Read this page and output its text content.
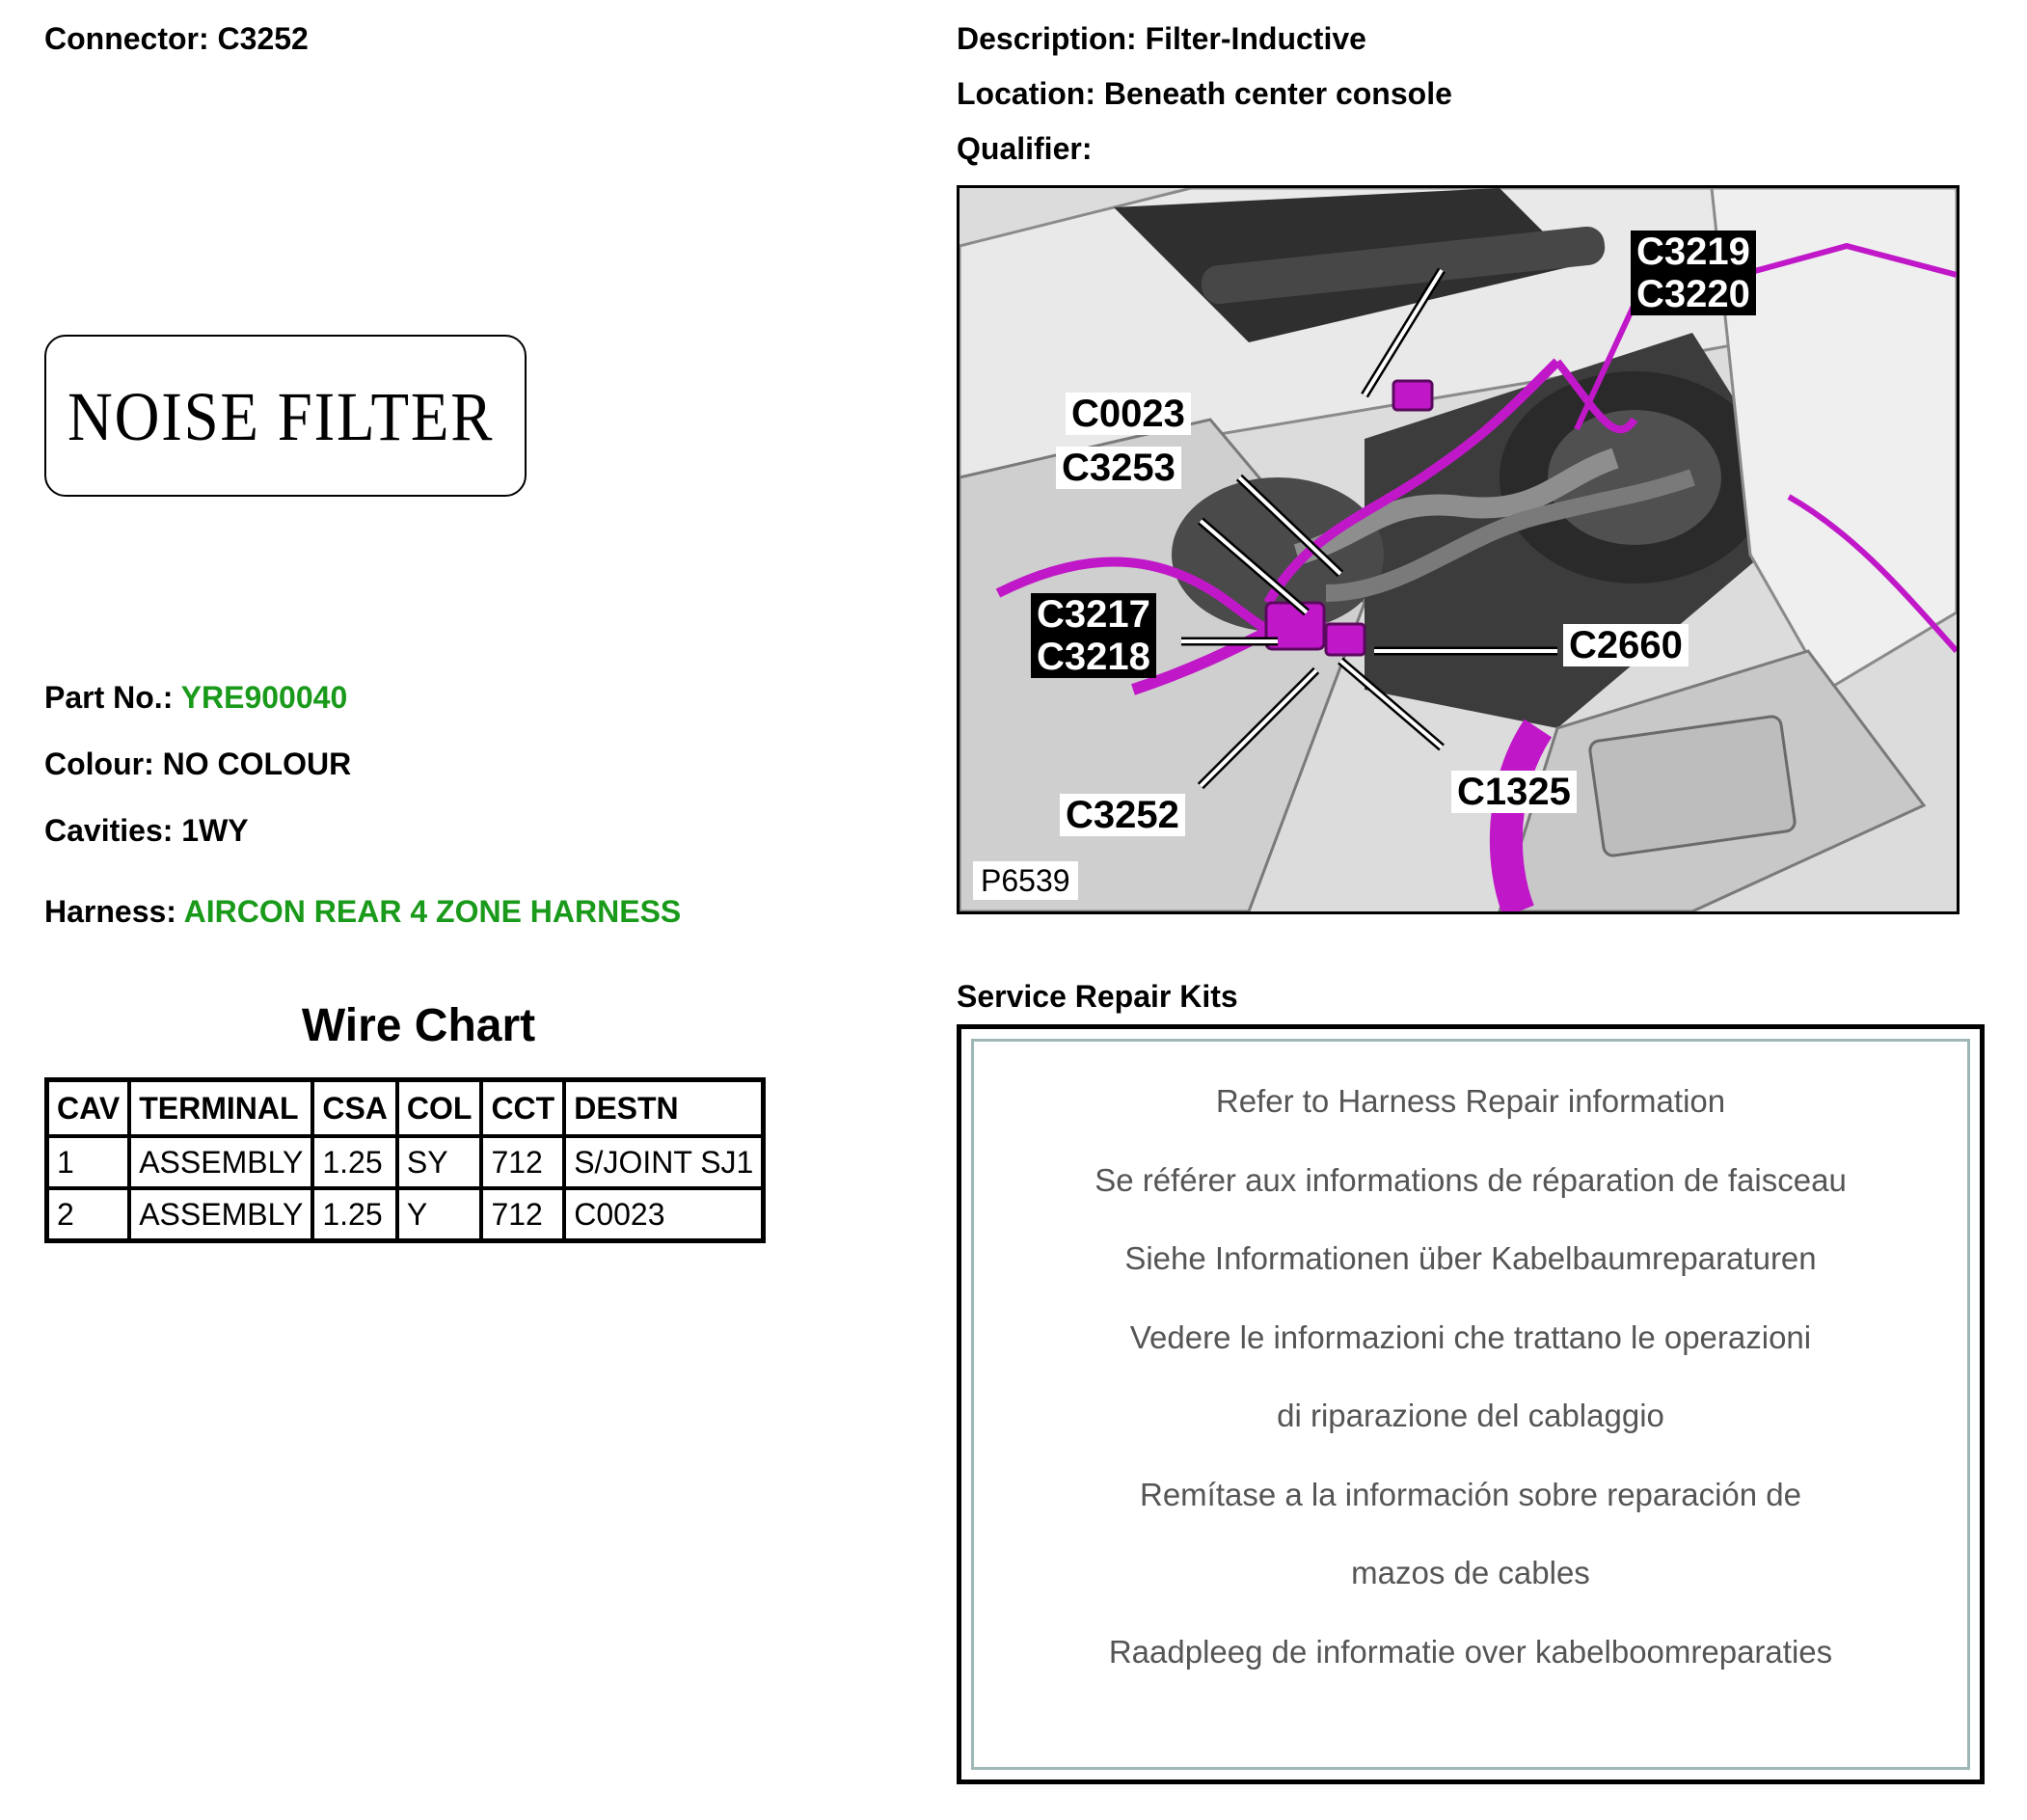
Connector: C3252
NOISE FILTER
Part No.: YRE900040
Colour: NO COLOUR
Cavities: 1WY
Harness: AIRCON REAR 4 ZONE HARNESS
Wire Chart
CAV	TERMINAL	CSA	COL	CCT	DESTN
1	ASSEMBLY	1.25	SY	712	S/JOINT SJ1
2	ASSEMBLY	1.25	Y	712	C0023
Description: Filter-Inductive
Location: Beneath center console
Qualifier:
C3219
C3220
C0023
C3253
C3217
C3218	C2660
C3252
C1325
P6539
Service Repair Kits
Refer to Harness Repair information
Se référer aux informations de réparation de faisceau
Siehe Informationen über Kabelbaumreparaturen
Vedere le informazioni che trattano le operazioni
di riparazione del cablaggio
Remítase a la información sobre reparación de
mazos de cables
Raadpleeg de informatie over kabelboomreparaties
